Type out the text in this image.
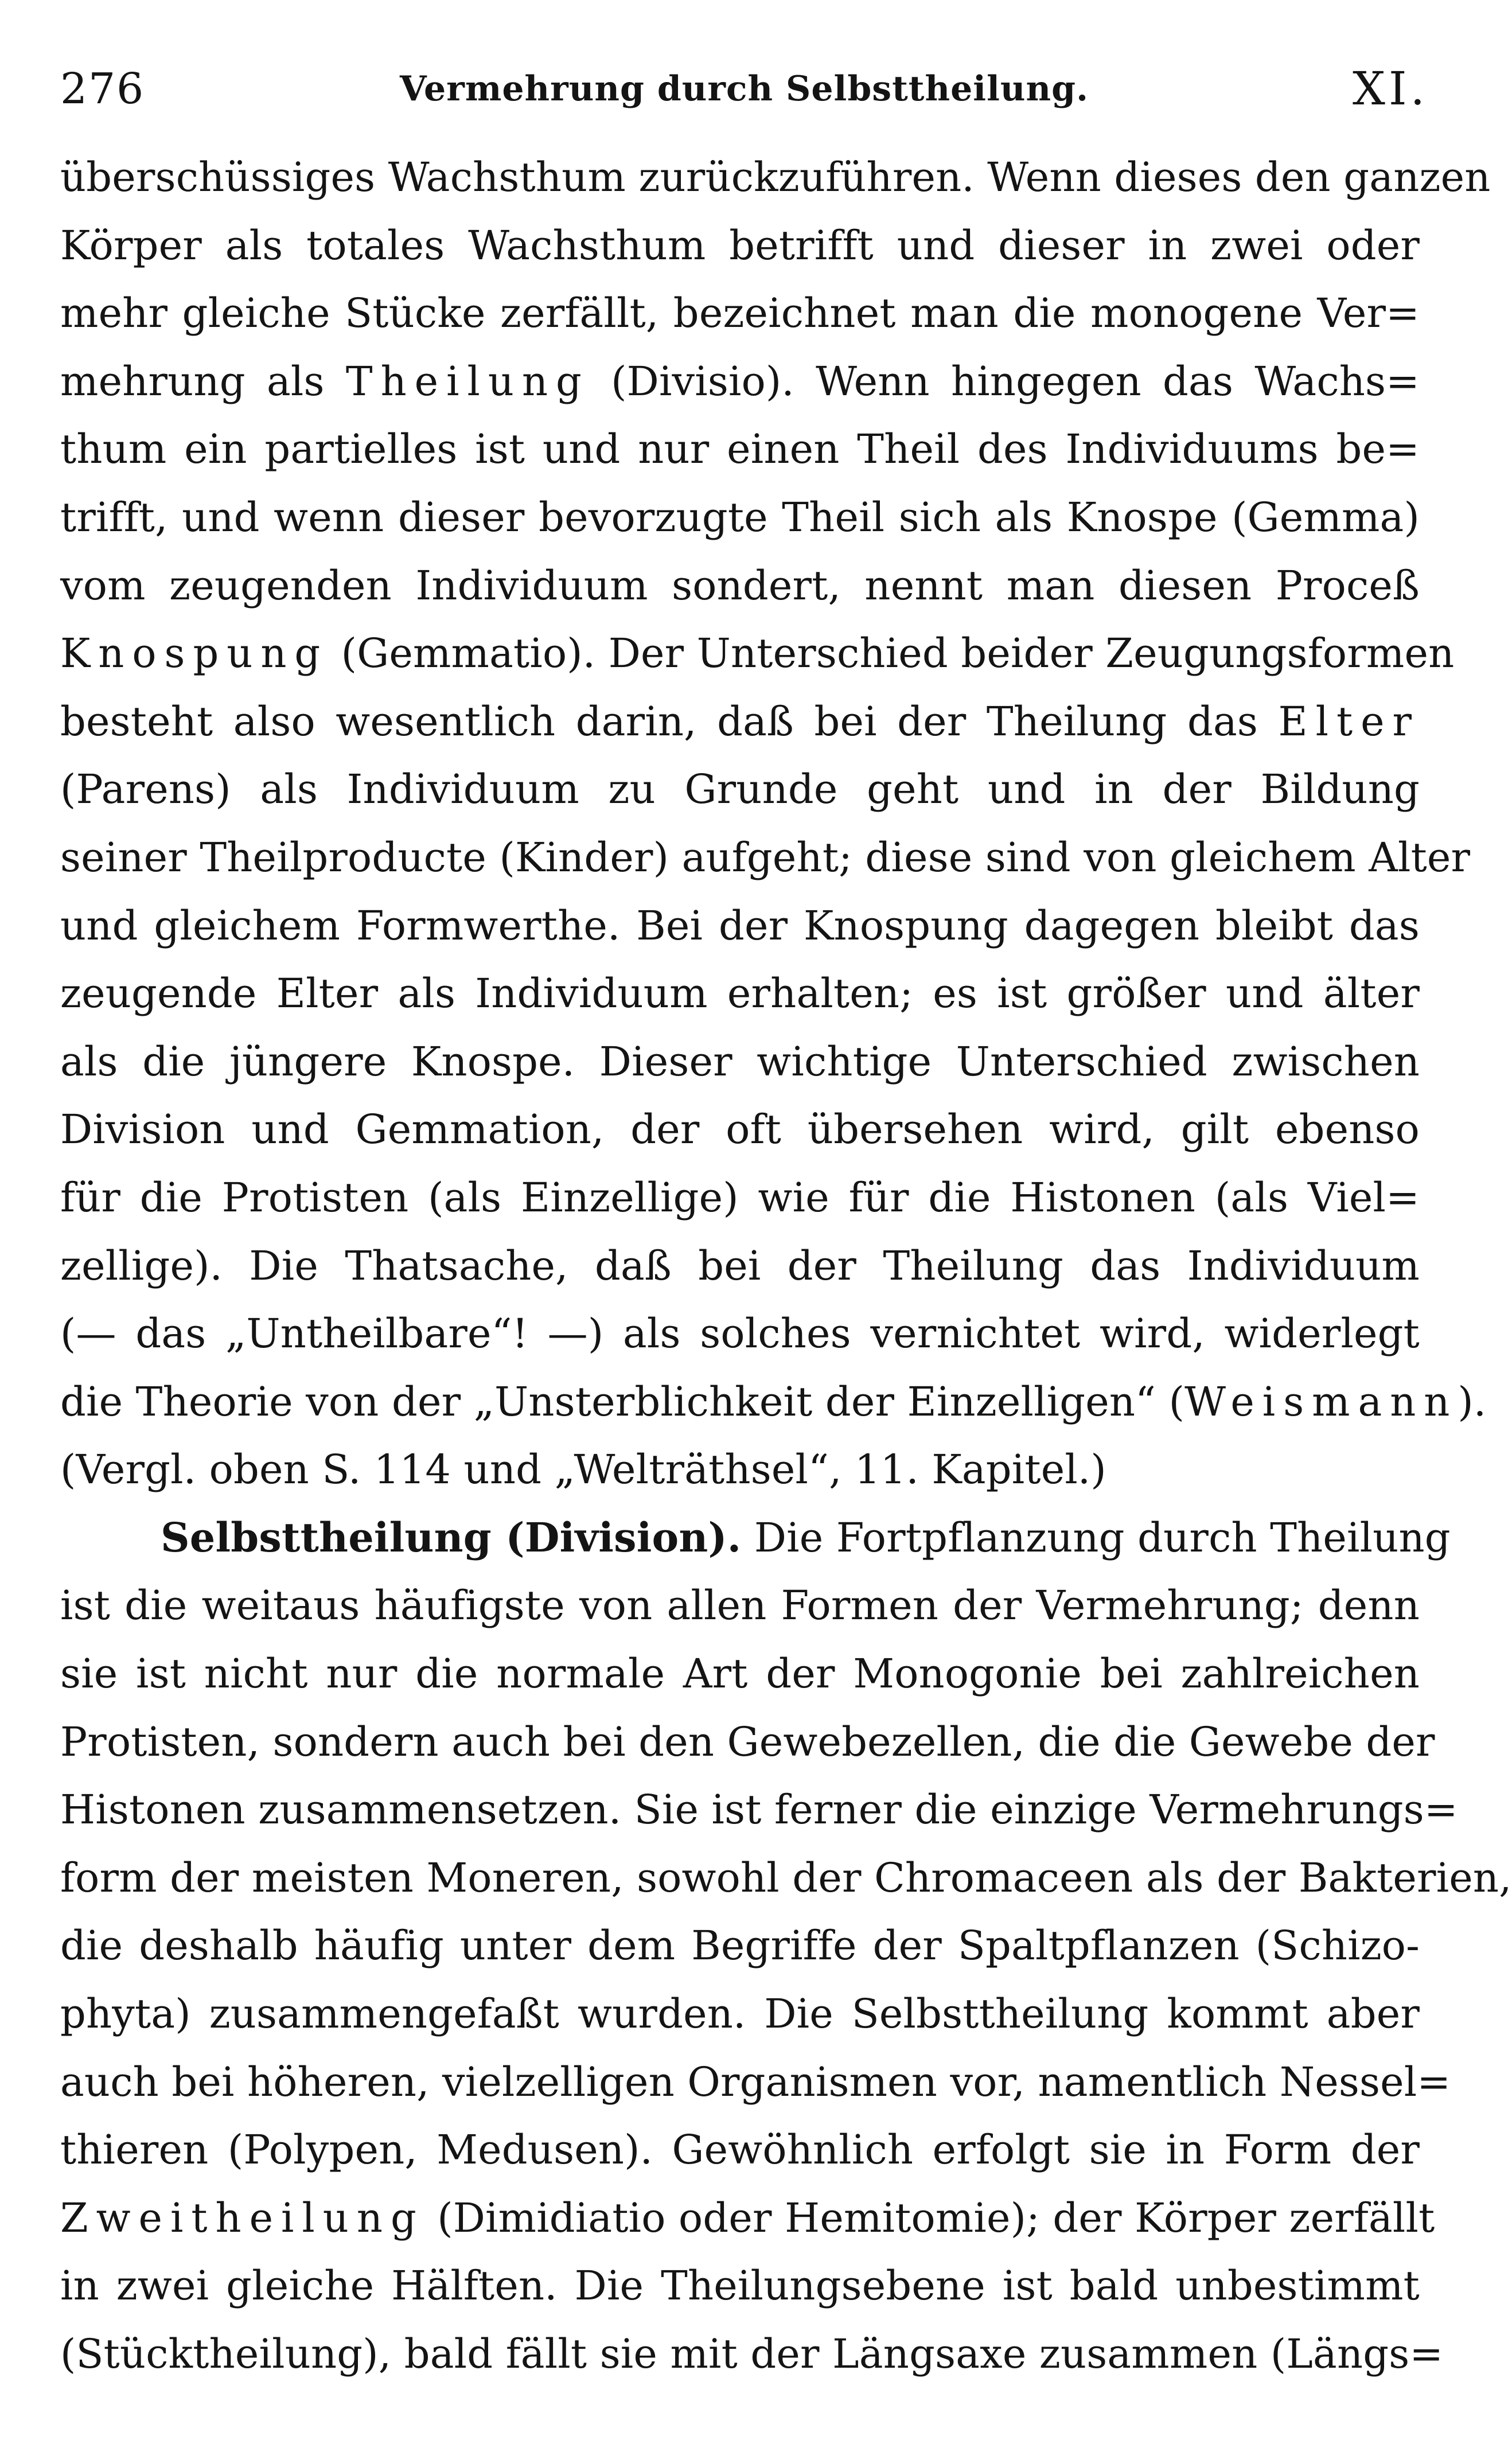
276	Vermehrung durch Selbsttheilung.	XI.
überschüssiges Wachsthum zurückzuführen. Wenn dieses den ganzen
Körper als totales Wachsthum betrifft und dieser in zwei oder
mehr gleiche Stücke zerfällt, bezeichnet man die monogene Ver=
mehrung als Theilung (Divisio). Wenn hingegen das Wachs=
thum ein partielles ist und nur einen Theil des Individuums be=
trifft, und wenn dieser bevorzugte Theil sich als Knospe (Gemma)
vom zeugenden Individuum sondert, nennt man diesen Proceß
Knospung (Gemmatio). Der Unterschied beider Zeugungsformen
besteht also wesentlich darin, daß bei der Theilung das Elter
(Parens) als Individuum zu Grunde geht und in der Bildung
seiner Theilproducte (Kinder) aufgeht; diese sind von gleichem Alter
und gleichem Formwerthe. Bei der Knospung dagegen bleibt das
zeugende Elter als Individuum erhalten; es ist größer und älter
als die jüngere Knospe. Dieser wichtige Unterschied zwischen
Division und Gemmation, der oft übersehen wird, gilt ebenso
für die Protisten (als Einzellige) wie für die Histonen (als Viel=
zellige). Die Thatsache, daß bei der Theilung das Individuum
(— das „Untheilbare“! —) als solches vernichtet wird, widerlegt
die Theorie von der „Unsterblichkeit der Einzelligen“ (Weismann).
(Vergl. oben S. 114 und „Welträthsel“, 11. Kapitel.)
Selbsttheilung (Division). Die Fortpflanzung durch Theilung
ist die weitaus häufigste von allen Formen der Vermehrung; denn
sie ist nicht nur die normale Art der Monogonie bei zahlreichen
Protisten, sondern auch bei den Gewebezellen, die die Gewebe der
Histonen zusammensetzen. Sie ist ferner die einzige Vermehrungs=
form der meisten Moneren, sowohl der Chromaceen als der Bakterien,
die deshalb häufig unter dem Begriffe der Spaltpflanzen (Schizo-
phyta) zusammengefaßt wurden. Die Selbsttheilung kommt aber
auch bei höheren, vielzelligen Organismen vor, namentlich Nessel=
thieren (Polypen, Medusen). Gewöhnlich erfolgt sie in Form der
Zweitheilung (Dimidiatio oder Hemitomie); der Körper zerfällt
in zwei gleiche Hälften. Die Theilungsebene ist bald unbestimmt
(Stücktheilung), bald fällt sie mit der Längsaxe zusammen (Längs=
